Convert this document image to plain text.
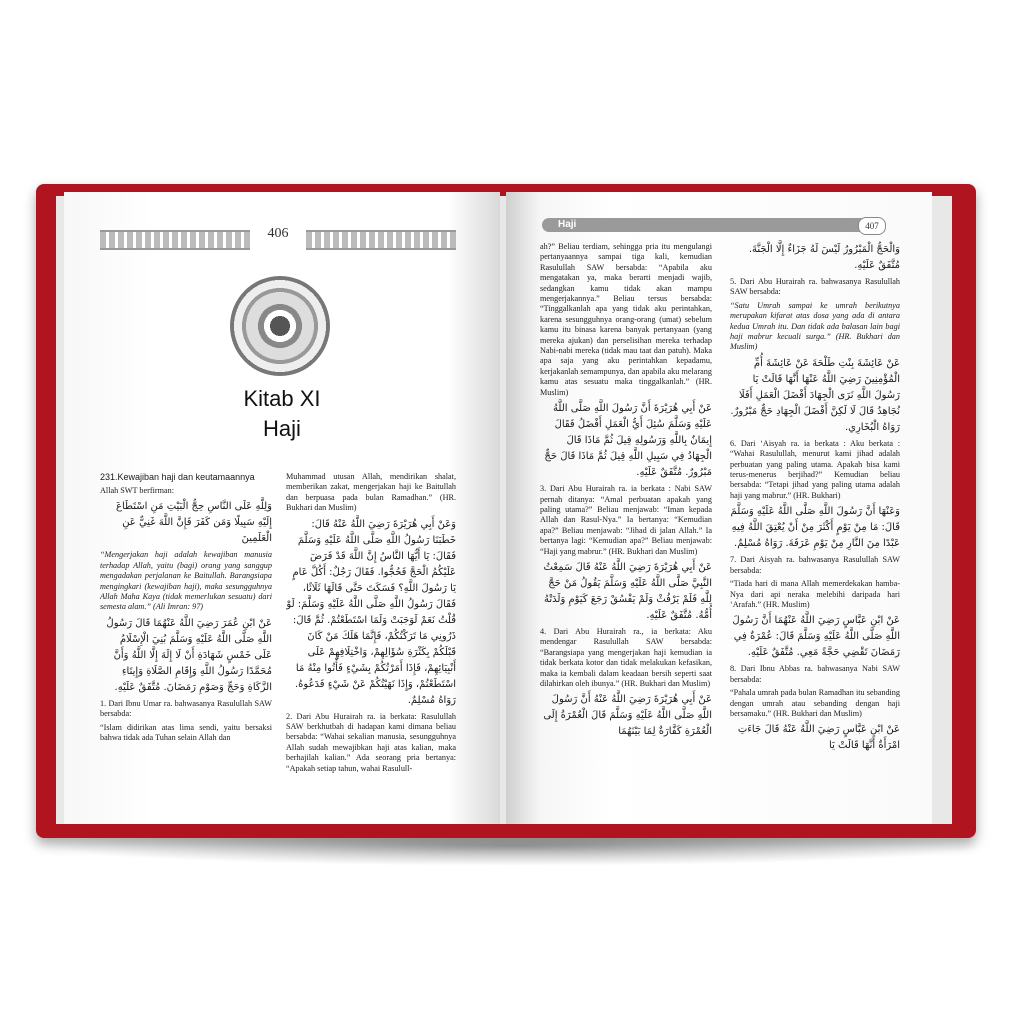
406
Kitab XI
Haji

231.Kewajiban haji dan keutamaannya

Allah SWT berfirman:

وَلِلَّهِ عَلَى النَّاسِ حِجُّ الْبَيْتِ مَنِ اسْتَطَاعَ إِلَيْهِ سَبِيلًا وَمَن كَفَرَ فَإِنَّ اللَّهَ غَنِيٌّ عَنِ الْعَلَمِينَ

“Mengerjakan haji adalah kewajiban manusia terhadap Allah, yaitu (bagi) orang yang sanggup mengadakan perjalanan ke Baitullah. Barangsiapa mengingkari (kewajiban haji), maka sesungguhnya Allah Maha Kaya (tidak memerlukan sesuatu) dari semesta alam.” (Ali Imran: 97)

عَنْ ابْنِ عُمَرَ رَضِيَ اللَّهُ عَنْهُمَا قَالَ رَسُولُ اللَّهِ صَلَّى اللَّهُ عَلَيْهِ وَسَلَّمَ بُنِيَ الْإِسْلَامُ عَلَى خَمْسٍ شَهَادَةِ أَنْ لَا إِلَهَ إِلَّا اللَّهُ وَأَنَّ مُحَمَّدًا رَسُولُ اللَّهِ وَإِقَامِ الصَّلَاةِ وَإِيتَاءِ الزَّكَاةِ وَحَجِّ وَصَوْمِ رَمَضَانَ. مُتَّفَقٌ عَلَيْهِ.

1. Dari Ibnu Umar ra. bahwasanya Rasulullah SAW bersabda:

“Islam didirikan atas lima sendi, yaitu bersaksi bahwa tidak ada Tuhan selain Allah dan

Muhammad utusan Allah, mendirikan shalat, memberikan zakat, mengerjakan haji ke Baitullah dan berpuasa pada bulan Ramadhan.” (HR. Bukhari dan Muslim)

وَعَنْ أَبِي هُرَيْرَةَ رَضِيَ اللَّهُ عَنْهُ قَالَ: خَطَبَنَا رَسُولُ اللَّهِ صَلَّى اللَّهُ عَلَيْهِ وَسَلَّمَ فَقَالَ: يَا أَيُّهَا النَّاسُ إِنَّ اللَّهَ قَدْ فَرَضَ عَلَيْكُمُ الْحَجَّ فَحُجُّوا. فَقَالَ رَجُلٌ: أَكُلَّ عَامٍ يَا رَسُولَ اللَّهِ؟ فَسَكَتَ حَتَّى قَالَهَا ثَلَاثًا، فَقَالَ رَسُولُ اللَّهِ صَلَّى اللَّهُ عَلَيْهِ وَسَلَّمَ: لَوْ قُلْتُ نَعَمْ لَوَجَبَتْ وَلَمَا اسْتَطَعْتُمْ. ثُمَّ قَالَ: ذَرُونِي مَا تَرَكْتُكُمْ، فَإِنَّمَا هَلَكَ مَنْ كَانَ قَبْلَكُمْ بِكَثْرَةِ سُؤَالِهِمْ، وَاخْتِلَافِهِمْ عَلَى أَنْبِيَائِهِمْ، فَإِذَا أَمَرْتُكُمْ بِشَيْءٍ فَأْتُوا مِنْهُ مَا اسْتَطَعْتُمْ، وَإِذَا نَهَيْتُكُمْ عَنْ شَيْءٍ فَدَعُوهُ. رَوَاهُ مُسْلِمٌ.

2. Dari Abu Hurairah ra. ia berkata: Rasulullah SAW berkhutbah di hadapan kami dimana beliau bersabda: “Wahai sekalian manusia, sesungguhnya Allah sudah mewajibkan haji atas kalian, maka berhajilah kalian.” Ada seorang pria bertanya: “Apakah setiap tahun, wahai Rasulull-

Haji	407

ah?” Beliau terdiam, sehingga pria itu mengulangi pertanyaannya sampai tiga kali, kemudian Rasulullah SAW bersabda: “Apabila aku mengatakan ya, maka berarti menjadi wajib, sedangkan kamu tidak akan mampu mengerjakannya.” Beliau tersus bersabda: “Tinggalkanlah apa yang tidak aku perintahkan, karena sesungguhnya orang-orang (umat) sebelum kamu itu binasa karena banyak pertanyaan (yang mereka ajukan) dan perselisihan mereka terhadap Nabi-nabi mereka (tidak mau taat dan patuh). Maka apa saja yang aku perintahkan kepadamu, kerjakanlah semampunya, dan apabila aku melarang kamu atas sesuatu maka tinggalkanlah.” (HR. Muslim)

عَنْ أَبِي هُرَيْرَةَ أَنَّ رَسُولَ اللَّهِ صَلَّى اللَّهُ عَلَيْهِ وَسَلَّمَ سُئِلَ أَيُّ الْعَمَلِ أَفْضَلُ فَقَالَ إِيمَانٌ بِاللَّهِ وَرَسُولِهِ قِيلَ ثُمَّ مَاذَا قَالَ الْجِهَادُ فِي سَبِيلِ اللَّهِ قِيلَ ثُمَّ مَاذَا قَالَ حَجٌّ مَبْرُورٌ. مُتَّفَقٌ عَلَيْهِ.

3. Dari Abu Hurairah ra. ia berkata : Nabi SAW pernah ditanya: “Amal perbuatan apakah yang paling utama?” Beliau menjawab: “Iman kepada Allah dan Rasul-Nya.” Ia bertanya: “Kemudian apa?” Beliau menjawab: “Jihad di jalan Allah.” Ia bertanya lagi: “Kemudian apa?” Beliau menjawab: “Haji yang mabrur.” (HR. Bukhari dan Muslim)

عَنْ أَبِي هُرَيْرَةَ رَضِيَ اللَّهُ عَنْهُ قَالَ سَمِعْتُ النَّبِيَّ صَلَّى اللَّهُ عَلَيْهِ وَسَلَّمَ يَقُولُ مَنْ حَجَّ لِلَّهِ فَلَمْ يَرْفُثْ وَلَمْ يَفْسُقْ رَجَعَ كَيَوْمِ وَلَدَتْهُ أُمُّهُ. مُتَّفَقٌ عَلَيْهِ.

4. Dari Abu Hurairah ra., ia berkata: Aku mendengar Rasulullah SAW bersabda: “Barangsiapa yang mengerjakan haji kemudian ia tidak berkata kotor dan tidak melakukan kefasikan, maka ia kembali dalam keadaan bersih seperti saat dilahirkan oleh ibunya.” (HR. Bukhari dan Muslim)

عَنْ أَبِي هُرَيْرَةَ رَضِيَ اللَّهُ عَنْهُ أَنَّ رَسُولَ اللَّهِ صَلَّى اللَّهُ عَلَيْهِ وَسَلَّمَ قَالَ الْعُمْرَةُ إِلَى الْعُمْرَةِ كَفَّارَةٌ لِمَا بَيْنَهُمَا

وَالْحَجُّ الْمَبْرُورُ لَيْسَ لَهُ جَزَاءٌ إِلَّا الْجَنَّةَ. مُتَّفَقٌ عَلَيْهِ.

5. Dari Abu Hurairah ra. bahwasanya Rasulullah SAW bersabda:

“Satu Umrah sampai ke umrah berikutnya merupakan kifarat atas dosa yang ada di antara kedua Umrah itu. Dan tidak ada balasan lain bagi haji mabrur kecuali surga.” (HR. Bukhari dan Muslim)

عَنْ عَائِشَةَ بِنْتِ طَلْحَةَ عَنْ عَائِشَةَ أُمِّ الْمُؤْمِنِينَ رَضِيَ اللَّهُ عَنْهَا أَنَّهَا قَالَتْ يَا رَسُولَ اللَّهِ نَرَى الْجِهَادَ أَفْضَلَ الْعَمَلِ أَفَلَا نُجَاهِدُ قَالَ لَا لَكِنَّ أَفْضَلَ الْجِهَادِ حَجٌّ مَبْرُورٌ. رَوَاهُ الْبُخَارِي.

6. Dari ‘Aisyah ra. ia berkata : Aku berkata : “Wahai Rasulullah, menurut kami jihad adalah perbuatan yang paling utama. Apakah bisa kami terus-menerus berjihad?” Kemudian beliau bersabda: “Tetapi jihad yang paling utama adalah haji yang mabrur.” (HR. Bukhari)

وَعَنْهَا أَنَّ رَسُولَ اللَّهِ صَلَّى اللَّهُ عَلَيْهِ وَسَلَّمَ قَالَ: مَا مِنْ يَوْمٍ أَكْثَرَ مِنْ أَنْ يُعْتِقَ اللَّهُ فِيهِ عَبْدًا مِنَ النَّارِ مِنْ يَوْمِ عَرَفَةَ. رَوَاهُ مُسْلِمٌ.

7. Dari Aisyah ra. bahwasanya Rasulullah SAW bersabda:

“Tiada hari di mana Allah memerdekakan hamba-Nya dari api neraka melebihi daripada hari ‘Arafah.” (HR. Muslim)

عَنْ ابْنِ عَبَّاسٍ رَضِيَ اللَّهُ عَنْهُمَا أَنَّ رَسُولَ اللَّهِ صَلَّى اللَّهُ عَلَيْهِ وَسَلَّمَ قَالَ: عُمْرَةٌ فِي رَمَضَانَ تَقْضِي حَجَّةً مَعِي. مُتَّفَقٌ عَلَيْهِ.

8. Dari Ibnu Abbas ra. bahwasanya Nabi SAW bersabda:

“Pahala umrah pada bulan Ramadhan itu sebanding dengan umrah atau sebanding dengan haji bersamaku.” (HR. Bukhari dan Muslim)

عَنْ ابْنِ عَبَّاسٍ رَضِيَ اللَّهُ عَنْهُ قَالَ جَاءَتِ امْرَأَةٌ أَنَّهَا قَالَتْ يَا
